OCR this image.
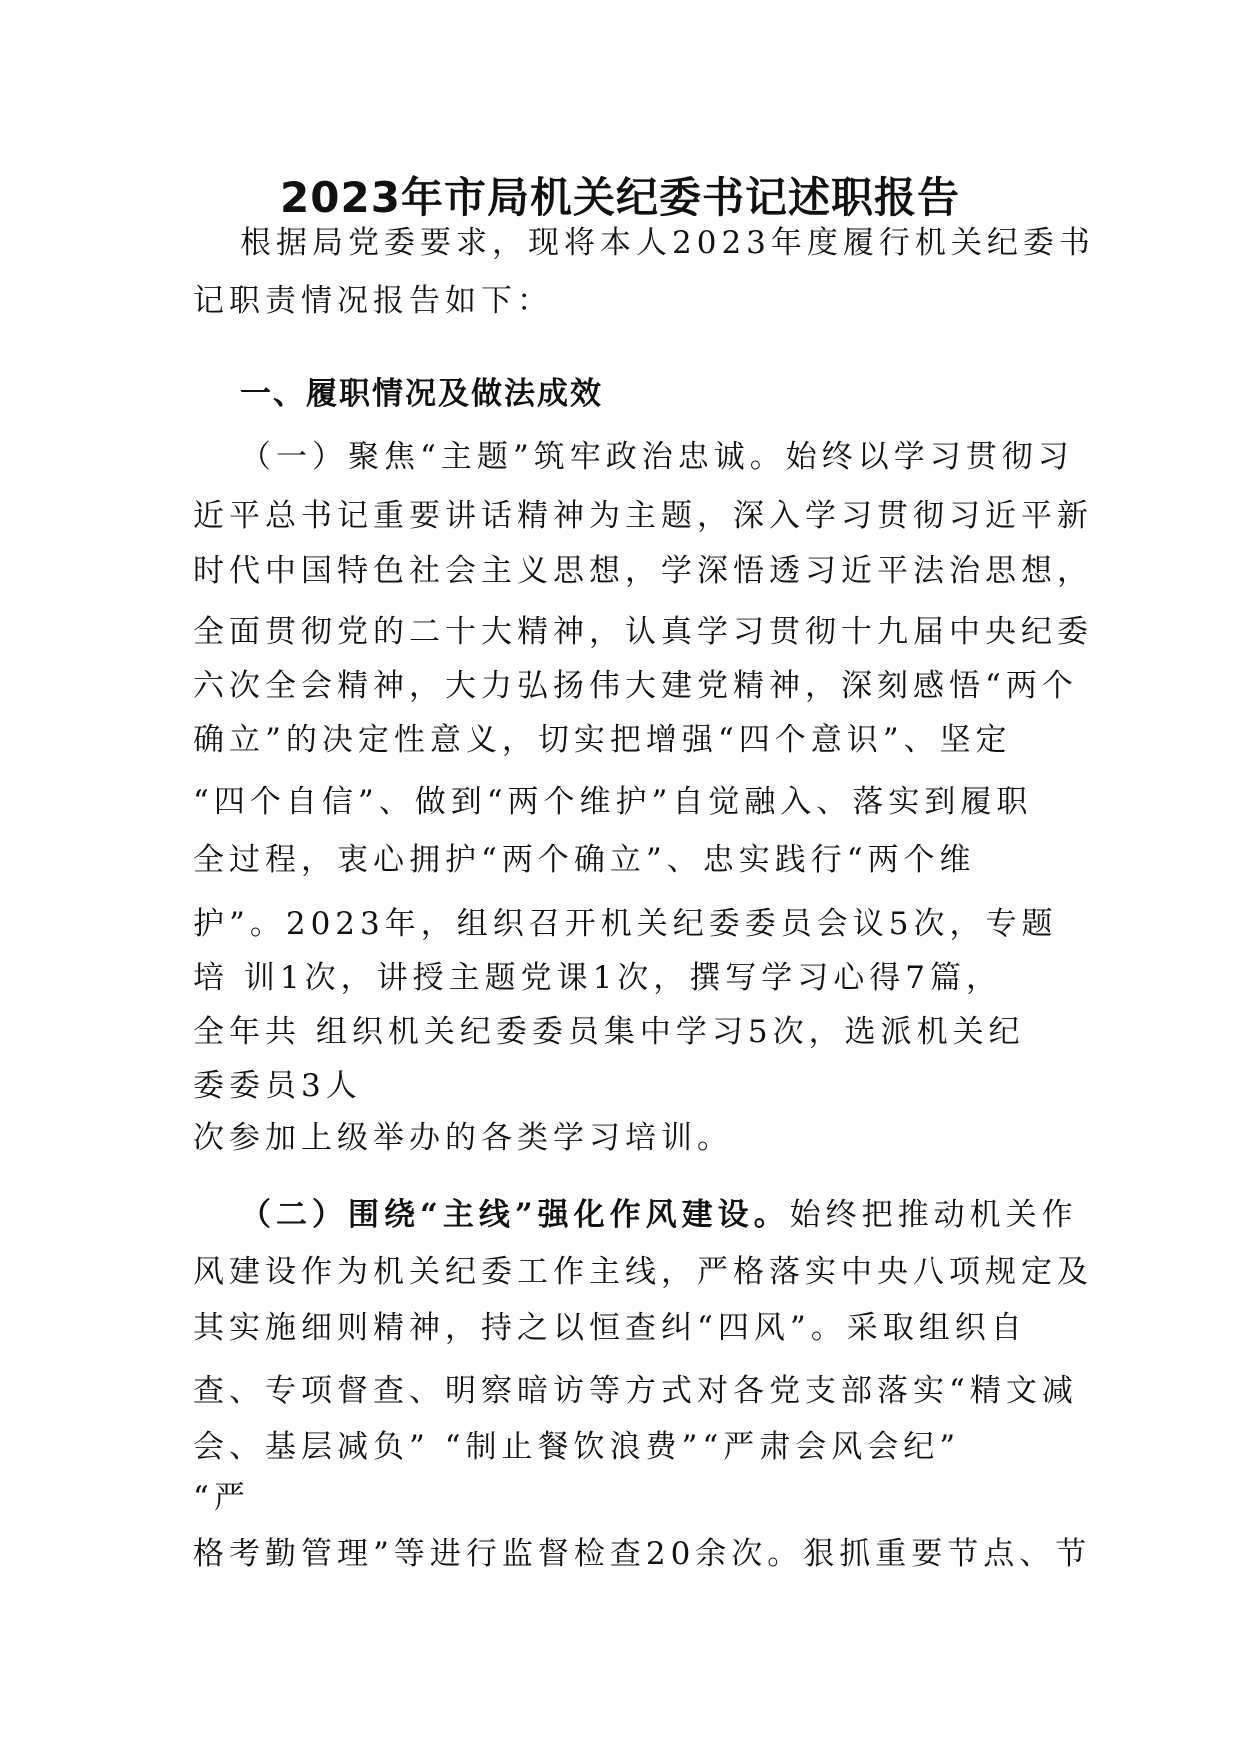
2023年市局机关纪委书记述职报告
根据局党委要求，现将本人2023年度履行机关纪委书
记职责情况报告如下：
一、履职情况及做法成效
（一）聚焦“主题”筑牢政治忠诚。始终以学习贯彻习
近平总书记重要讲话精神为主题，深入学习贯彻习近平新
时代中国特色社会主义思想，学深悟透习近平法治思想，
全面贯彻党的二十大精神，认真学习贯彻十九届中央纪委
六次全会精神，大力弘扬伟大建党精神，深刻感悟“两个
确立”的决定性意义，切实把增强“四个意识”、坚定
“四个自信”、做到“两个维护”自觉融入、落实到履职
全过程，衷心拥护“两个确立”、忠实践行“两个维
护”。2023年，组织召开机关纪委委员会议5次，专题
培 训1次，讲授主题党课1次，撰写学习心得7篇，
全年共 组织机关纪委委员集中学习5次，选派机关纪
委委员3人
次参加上级举办的各类学习培训。
（二）围绕“主线”强化作风建设。始终把推动机关作
风建设作为机关纪委工作主线，严格落实中央八项规定及
其实施细则精神，持之以恒查纠“四风”。采取组织自
查、专项督查、明察暗访等方式对各党支部落实“精文减
会、基层减负” “制止餐饮浪费”“严肃会风会纪”
“严
格考勤管理”等进行监督检查20余次。狠抓重要节点、节
